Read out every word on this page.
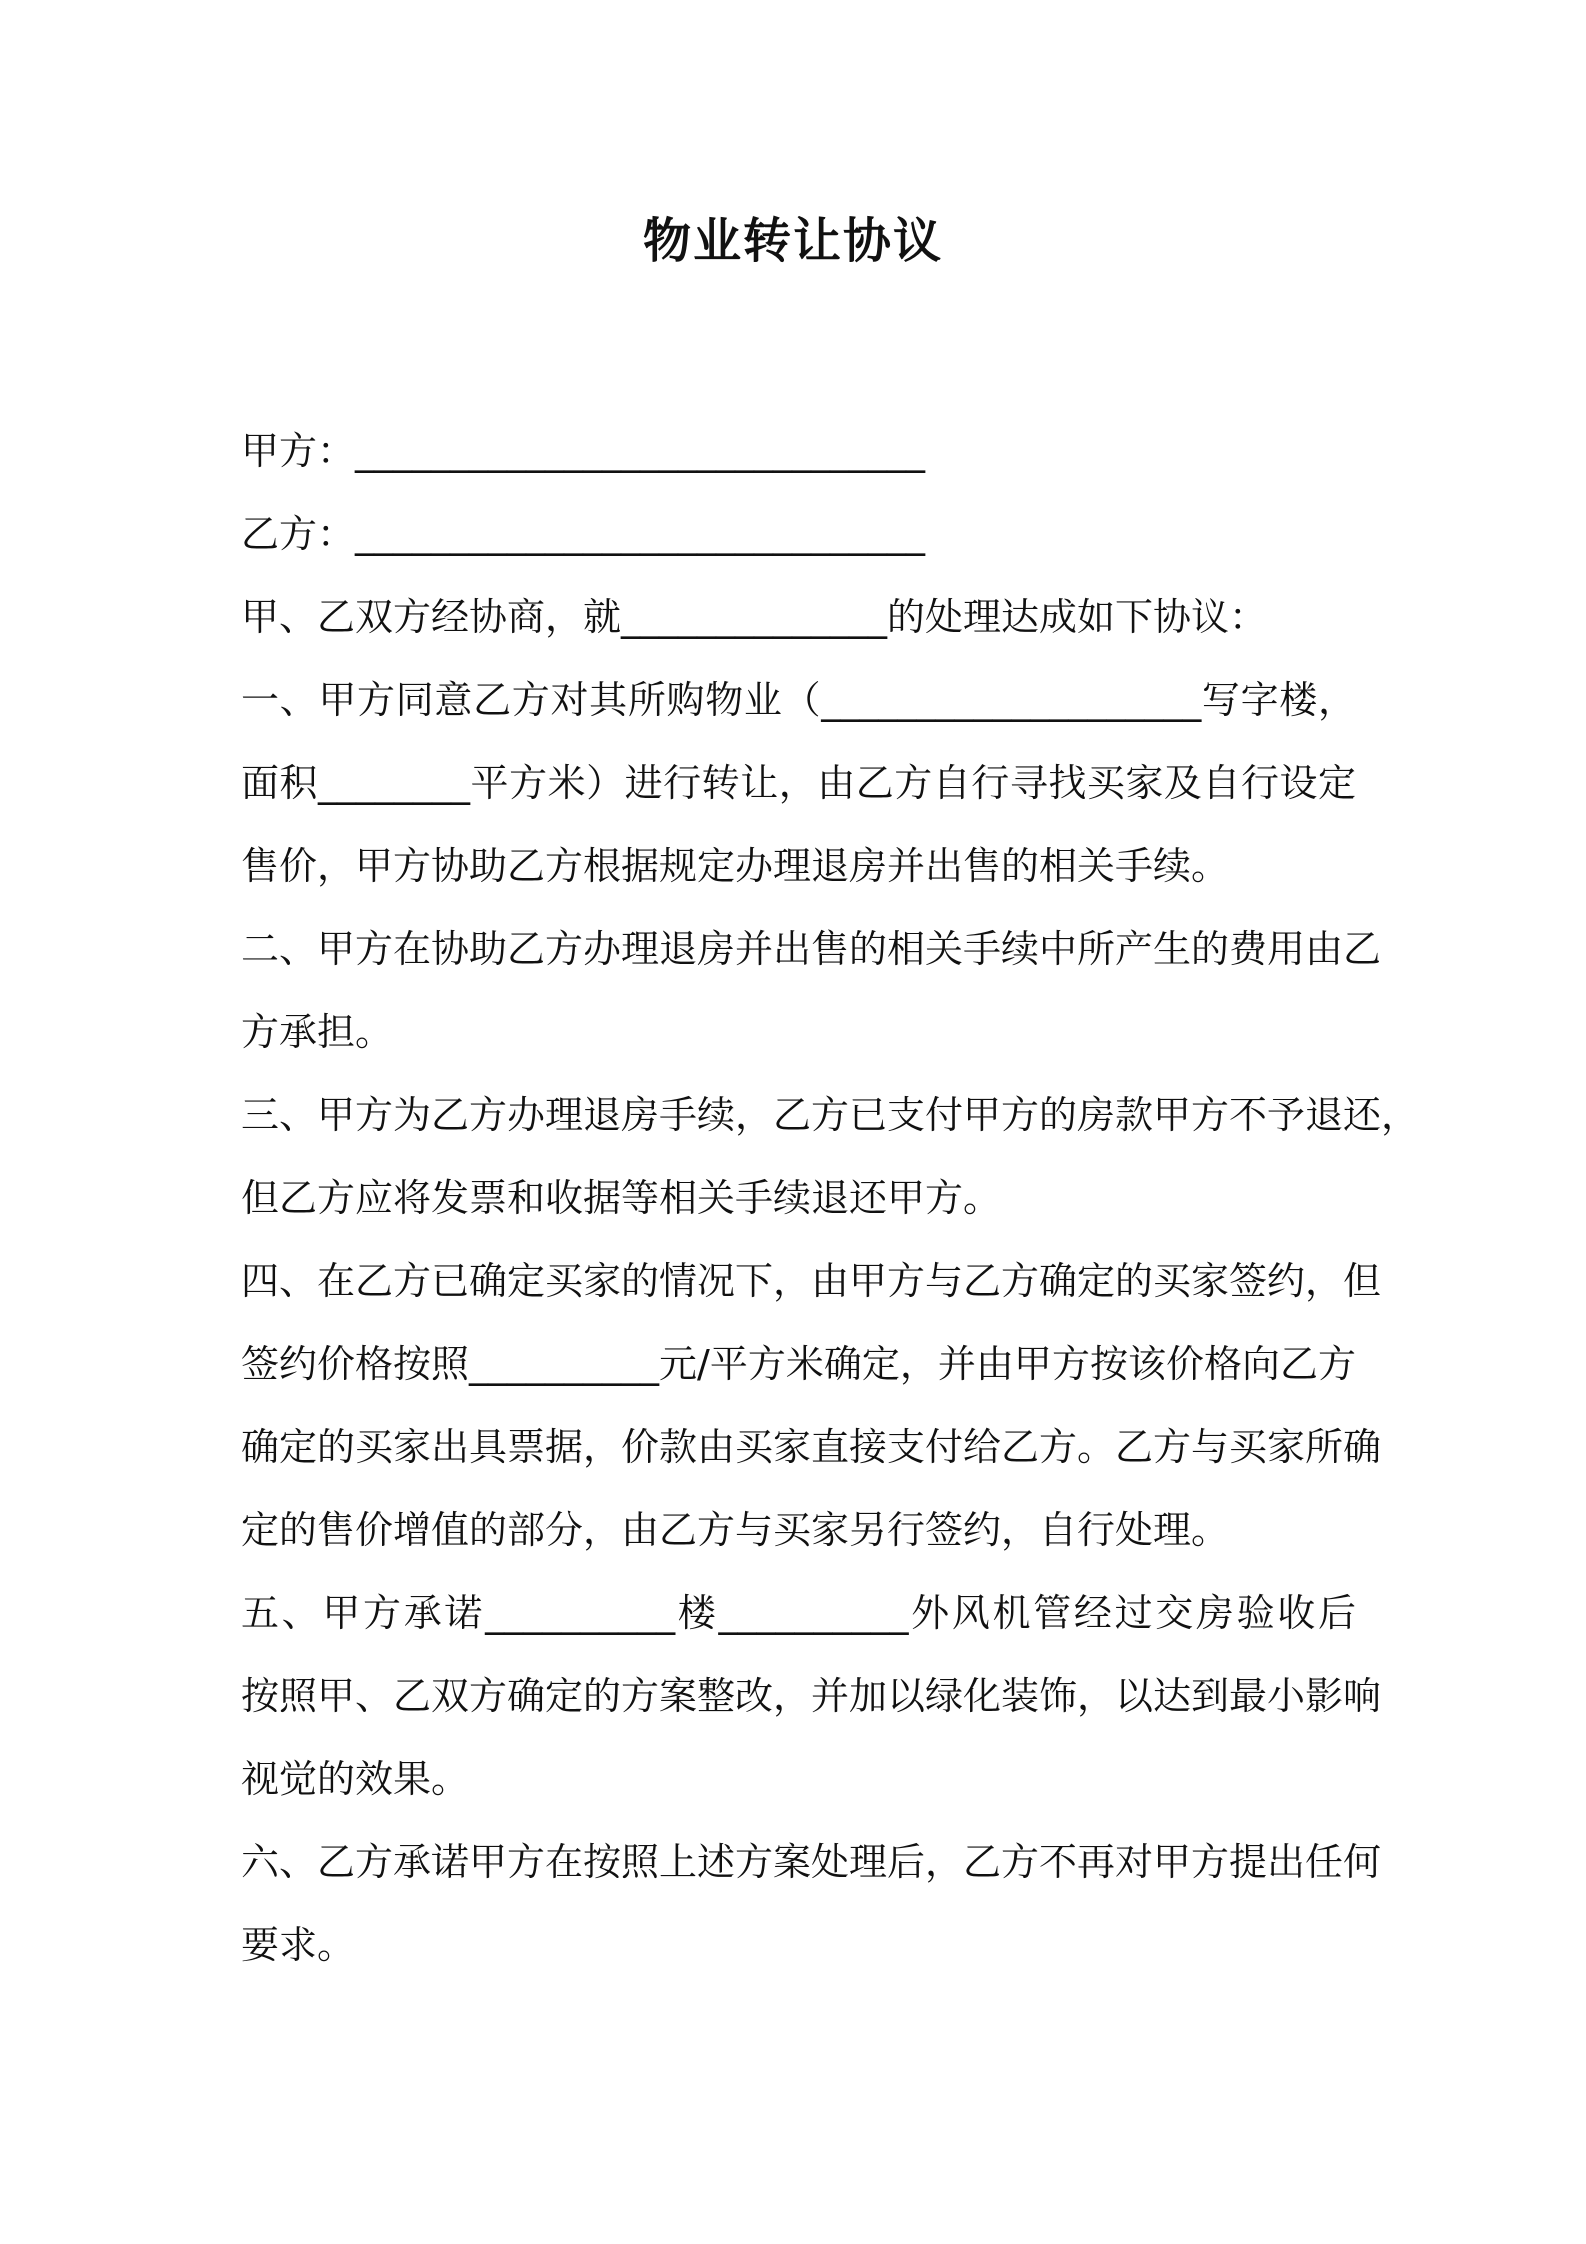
物业转让协议
甲方：______________________________
乙方：______________________________
甲、乙双方经协商，就______________的处理达成如下协议：
一、甲方同意乙方对其所购物业（____________________写字楼，
面积________平方米）进行转让，由乙方自行寻找买家及自行设定
售价，甲方协助乙方根据规定办理退房并出售的相关手续。
二、甲方在协助乙方办理退房并出售的相关手续中所产生的费用由乙
方承担。
三、甲方为乙方办理退房手续，乙方已支付甲方的房款甲方不予退还，
但乙方应将发票和收据等相关手续退还甲方。
四、在乙方已确定买家的情况下，由甲方与乙方确定的买家签约，但
签约价格按照__________元/平方米确定，并由甲方按该价格向乙方
确定的买家出具票据，价款由买家直接支付给乙方。乙方与买家所确
定的售价增值的部分，由乙方与买家另行签约，自行处理。
五、甲方承诺__________楼__________外风机管经过交房验收后
按照甲、乙双方确定的方案整改，并加以绿化装饰，以达到最小影响
视觉的效果。
六、乙方承诺甲方在按照上述方案处理后，乙方不再对甲方提出任何
要求。
